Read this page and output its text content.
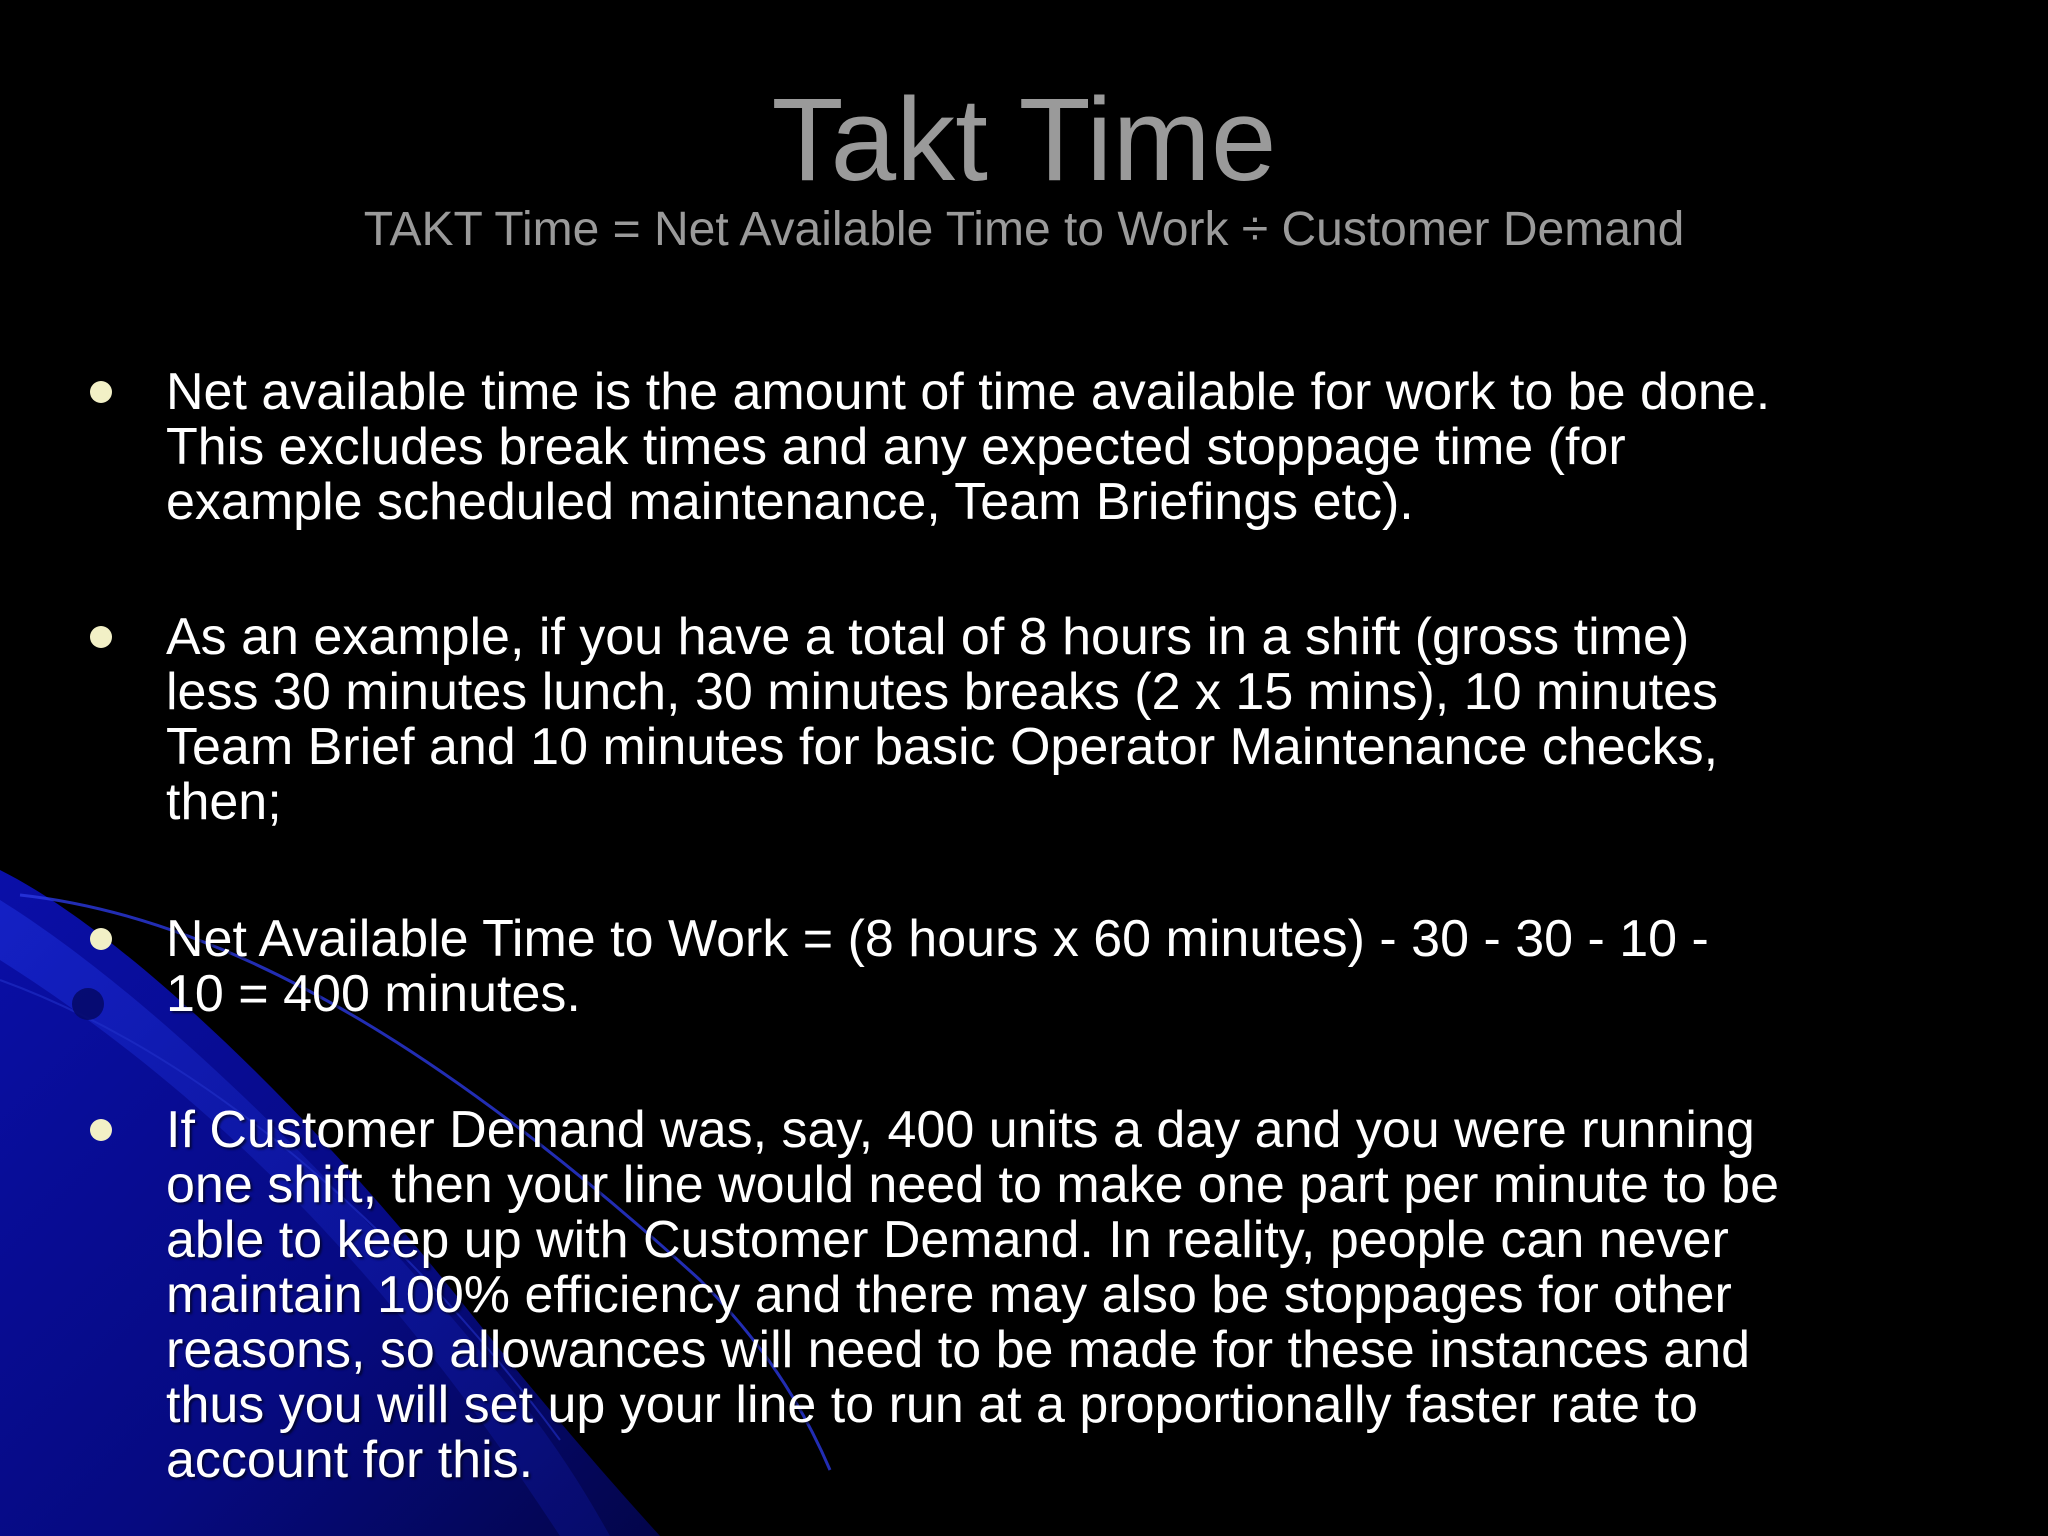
Takt Time
TAKT Time = Net Available Time to Work ÷ Customer Demand

Net available time is the amount of time available for work to be done.
This excludes break times and any expected stoppage time (for
example scheduled maintenance, Team Briefings etc).

As an example, if you have a total of 8 hours in a shift (gross time)
less 30 minutes lunch, 30 minutes breaks (2 x 15 mins), 10 minutes
Team Brief and 10 minutes for basic Operator Maintenance checks,
then;

Net Available Time to Work = (8 hours x 60 minutes) - 30 - 30 - 10 -
10 = 400 minutes.

If Customer Demand was, say, 400 units a day and you were running
one shift, then your line would need to make one part per minute to be
able to keep up with Customer Demand. In reality, people can never
maintain 100% efficiency and there may also be stoppages for other
reasons, so allowances will need to be made for these instances and
thus you will set up your line to run at a proportionally faster rate to
account for this.
